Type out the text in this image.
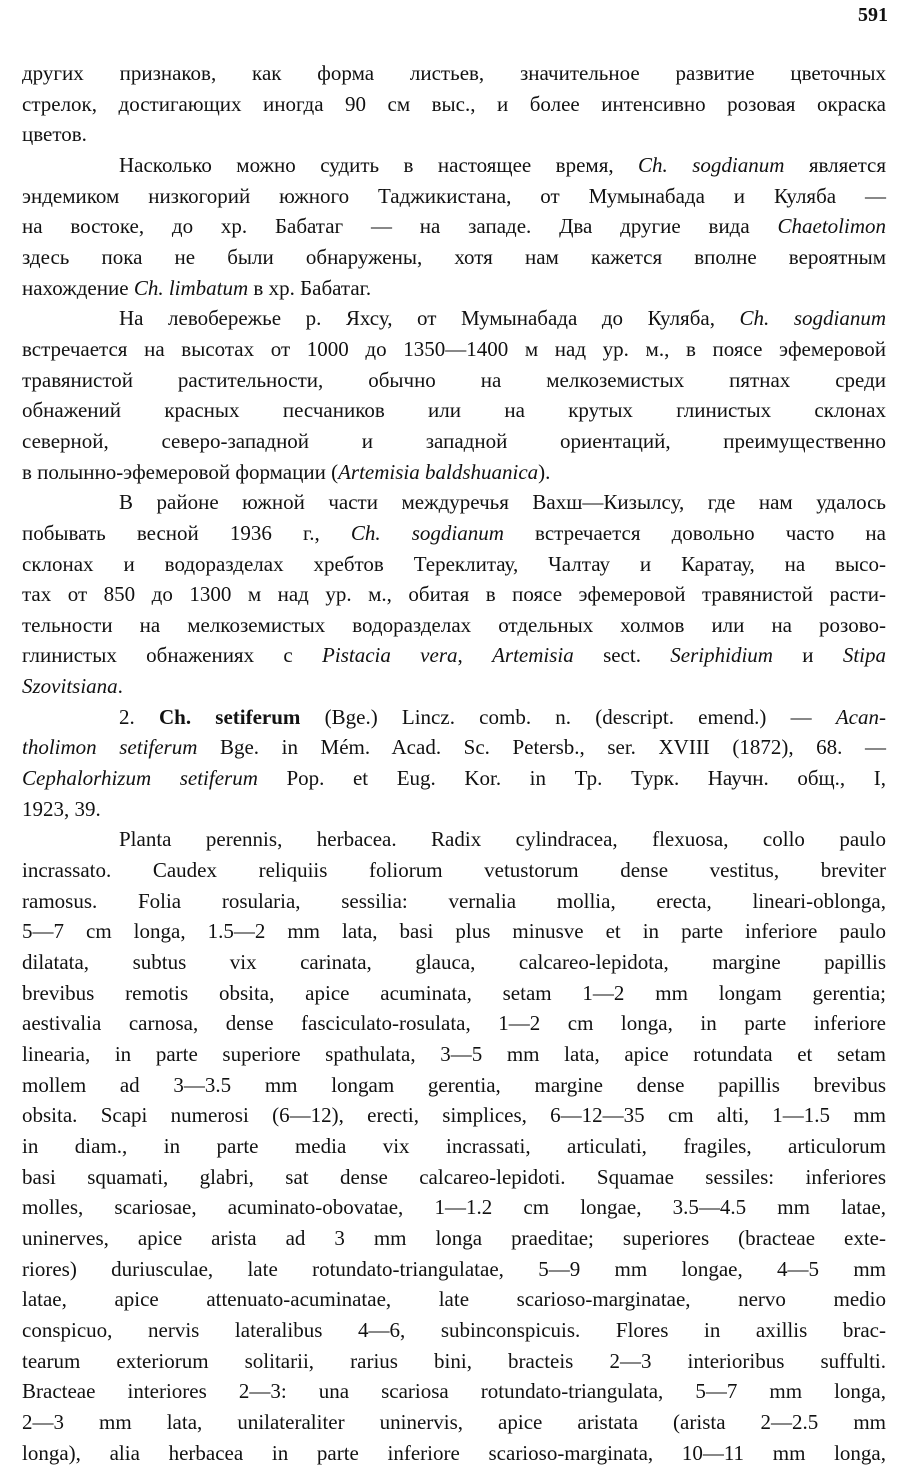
591
других признаков, как форма листьев, значительное развитие цветочных
стрелок, достигающих иногда 90 см выс., и более интенсивно розовая окраска
цветов.
Насколько можно судить в настоящее время, Ch. sogdianum является
эндемиком низкогорий южного Таджикистана, от Мумынабада и Куляба —
на востоке, до хр. Бабатаг — на западе. Два другие вида Chaetolimon
здесь пока не были обнаружены, хотя нам кажется вполне вероятным
нахождение Ch. limbatum в хр. Бабатаг.
На левобережье р. Яхсу, от Мумынабада до Куляба, Ch. sogdianum
встречается на высотах от 1000 до 1350—1400 м над ур. м., в поясе эфемеровой
травянистой растительности, обычно на мелкоземистых пятнах среди
обнажений красных песчаников или на крутых глинистых склонах
северной, северо-западной и западной ориентаций, преимущественно
в полынно-эфемеровой формации (Artemisia baldshuanica).
В районе южной части междуречья Вахш—Кизылсу, где нам удалось
побывать весной 1936 г., Ch. sogdianum встречается довольно часто на
склонах и водоразделах хребтов Тереклитау, Чалтау и Каратау, на высо-
тах от 850 до 1300 м над ур. м., обитая в поясе эфемеровой травянистой расти-
тельности на мелкоземистых водоразделах отдельных холмов или на розово-
глинистых обнажениях с Pistacia vera, Artemisia sect. Seriphidium и Stipa
Szovitsiana.
2. Ch. setiferum (Bge.) Lincz. comb. n. (descript. emend.) — Acan-
tholimon setiferum Bge. in Mém. Acad. Sc. Petersb., ser. XVIII (1872), 68. —
Cephalorhizum setiferum Pop. et Eug. Kor. in Тр. Турк. Научн. общ., I,
1923, 39.
Planta perennis, herbacea. Radix cylindracea, flexuosa, collo paulo
incrassato. Caudex reliquiis foliorum vetustorum dense vestitus, breviter
ramosus. Folia rosularia, sessilia: vernalia mollia, erecta, lineari-oblonga,
5—7 cm longa, 1.5—2 mm lata, basi plus minusve et in parte inferiore paulo
dilatata, subtus vix carinata, glauca, calcareo-lepidota, margine papillis
brevibus remotis obsita, apice acuminata, setam 1—2 mm longam gerentia;
aestivalia carnosa, dense fasciculato-rosulata, 1—2 cm longa, in parte inferiore
linearia, in parte superiore spathulata, 3—5 mm lata, apice rotundata et setam
mollem ad 3—3.5 mm longam gerentia, margine dense papillis brevibus
obsita. Scapi numerosi (6—12), erecti, simplices, 6—12—35 cm alti, 1—1.5 mm
in diam., in parte media vix incrassati, articulati, fragiles, articulorum
basi squamati, glabri, sat dense calcareo-lepidoti. Squamae sessiles: inferiores
molles, scariosae, acuminato-obovatae, 1—1.2 cm longae, 3.5—4.5 mm latae,
uninerves, apice arista ad 3 mm longa praeditae; superiores (bracteae exte-
riores) duriusculae, late rotundato-triangulatae, 5—9 mm longae, 4—5 mm
latae, apice attenuato-acuminatae, late scarioso-marginatae, nervo medio
conspicuo, nervis lateralibus 4—6, subinconspicuis. Flores in axillis brac-
tearum exteriorum solitarii, rarius bini, bracteis 2—3 interioribus suffulti.
Bracteae interiores 2—3: una scariosa rotundato-triangulata, 5—7 mm longa,
2—3 mm lata, unilateraliter uninervis, apice aristata (arista 2—2.5 mm
longa), alia herbacea in parte inferiore scarioso-marginata, 10—11 mm longa,
